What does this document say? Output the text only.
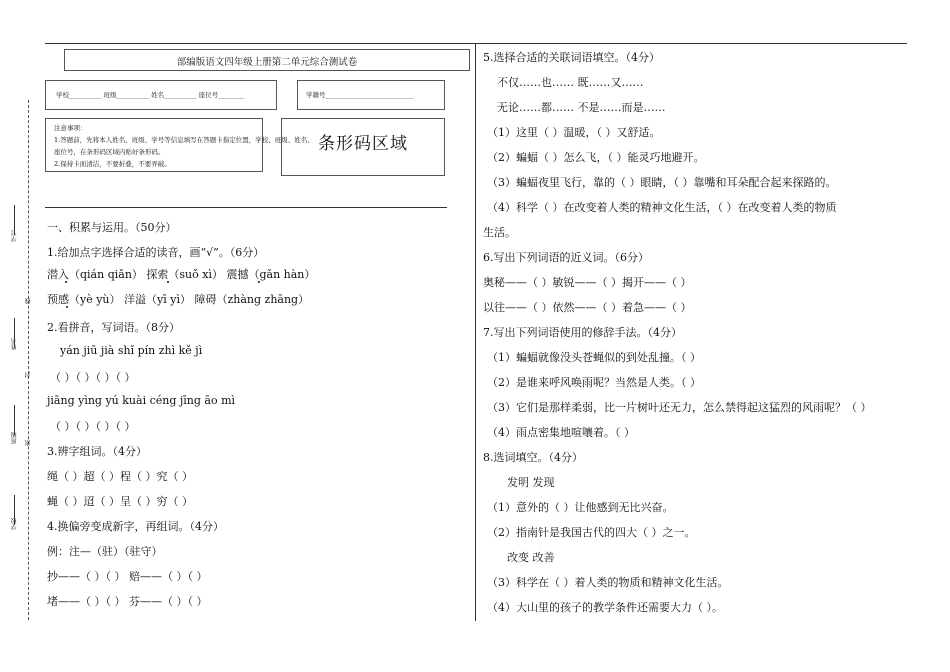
学号
姓名
班级
学校
线
封
密
部编版语文四年级上册第二单元综合测试卷
学校__________ 班级__________ 姓名__________ 座位号________	学籍号___________________________
注意事项：
1.答题前，先将本人姓名、班级、学号等信息填写在答题卡指定位置，学校、班级、姓名、
座位号，在条形码区域内贴好条形码。
2.保持卡面清洁，不要折叠，不要弄破。
条形码区域
一、积累与运用。（50分）
1.给加点字选择合适的读音，画“√”。（6分）
潜入（qián qiǎn） 探索（suǒ xì） 震撼（gǎn hàn）
预感（yè yù） 洋溢（yī yì） 障碍（zhàng zhāng）
2.看拼音，写词语。（8分）
yán jiū jià shǐ pín zhì kě jì
（ ）（ ）（ ）（ ）
jiāng yìng yú kuài céng jīng āo mì
（ ）（ ）（ ）（ ）
3.辨字组词。（4分）
绳（ ）超（ ）程（ ）究（ ）
蝇（ ）迢（ ）呈（ ）穷（ ）
4.换偏旁变成新字，再组词。（4分）
例：注—（驻）（驻守）
抄——（ ）（ ） 赔——（ ）（ ）
堵——（ ）（ ） 芬——（ ）（ ）
5.选择合适的关联词语填空。（4分）
不仅……也…… 既……又……
无论……都…… 不是……而是……
（1）这里（ ）温暖，（ ）又舒适。
（2）蝙蝠（ ）怎么飞，（ ）能灵巧地避开。
（3）蝙蝠夜里飞行，靠的（ ）眼睛，（ ）靠嘴和耳朵配合起来探路的。
（4）科学（ ）在改变着人类的精神文化生活，（ ）在改变着人类的物质
生活。
6.写出下列词语的近义词。（6分）
奥秘——（ ）敏锐——（ ）揭开——（ ）
以往——（ ）依然——（ ）着急——（ ）
7.写出下列词语使用的修辞手法。（4分）
（1）蝙蝠就像没头苍蝇似的到处乱撞。（ ）
（2）是谁来呼风唤雨呢？当然是人类。（ ）
（3）它们是那样柔弱，比一片树叶还无力，怎么禁得起这猛烈的风雨呢？（ ）
（4）雨点密集地喧嚷着。（ ）
8.选词填空。（4分）
发明 发现
（1）意外的（ ）让他感到无比兴奋。
（2）指南针是我国古代的四大（ ）之一。
改变 改善
（3）科学在（ ）着人类的物质和精神文化生活。
（4）大山里的孩子的教学条件还需要大力（ ）。
